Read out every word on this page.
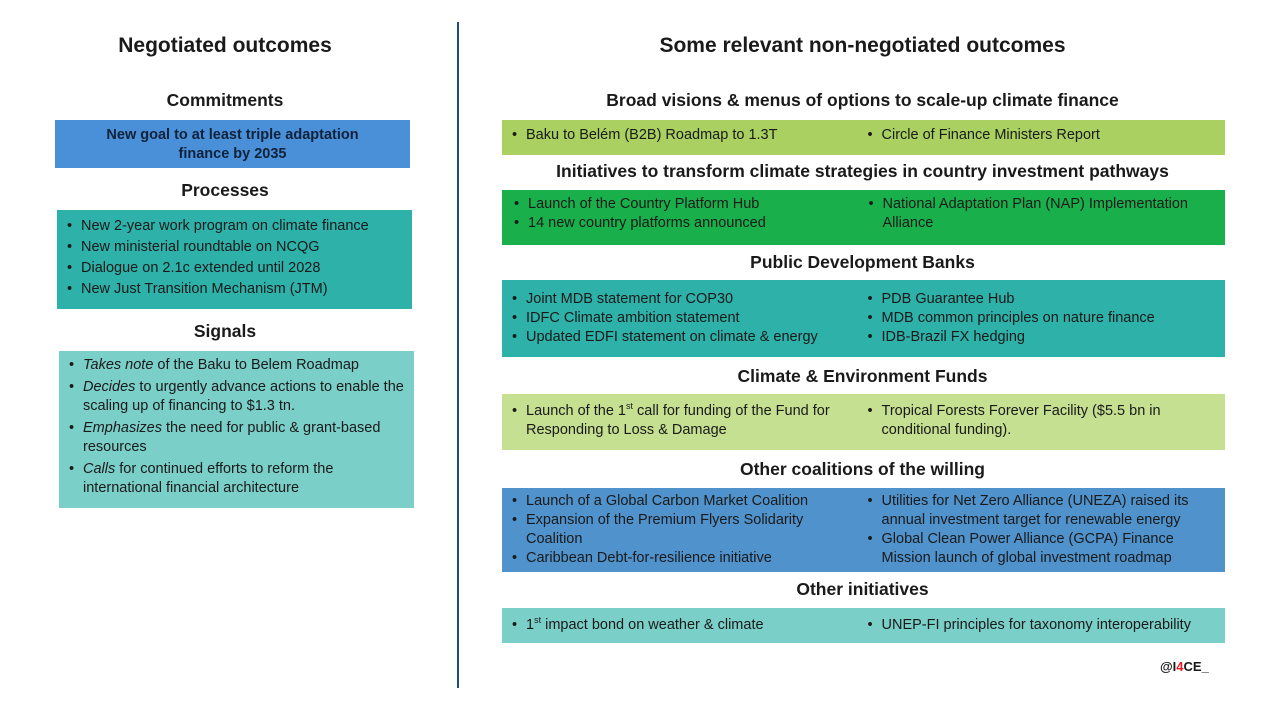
Negotiated outcomes
Commitments
New goal to at least triple adaptation finance by 2035
Processes
• New 2-year work program on climate finance
• New ministerial roundtable on NCQG
• Dialogue on 2.1c extended until 2028
• New Just Transition Mechanism (JTM)
Signals
• Takes note of the Baku to Belem Roadmap
• Decides to urgently advance actions to enable the scaling up of financing to $1.3 tn.
• Emphasizes the need for public & grant-based resources
• Calls for continued efforts to reform the international financial architecture
Some relevant non-negotiated outcomes
Broad visions & menus of options to scale-up climate finance
• Baku to Belém (B2B) Roadmap to 1.3T	• Circle of Finance Ministers Report
Initiatives to transform climate strategies in country investment pathways
• Launch of the Country Platform Hub
• 14 new country platforms announced
• National Adaptation Plan (NAP) Implementation Alliance
Public Development Banks
• Joint MDB statement for COP30
• IDFC Climate ambition statement
• Updated EDFI statement on climate & energy
• PDB Guarantee Hub
• MDB common principles on nature finance
• IDB-Brazil FX hedging
Climate & Environment Funds
• Launch of the 1st call for funding of the Fund for Responding to Loss & Damage
• Tropical Forests Forever Facility ($5.5 bn in conditional funding).
Other coalitions of the willing
• Launch of a Global Carbon Market Coalition
• Expansion of the Premium Flyers Solidarity Coalition
• Caribbean Debt-for-resilience initiative
• Utilities for Net Zero Alliance (UNEZA) raised its annual investment target for renewable energy
• Global Clean Power Alliance (GCPA) Finance Mission launch of global investment roadmap
Other initiatives
• 1st impact bond on weather & climate	• UNEP-FI principles for taxonomy interoperability
@I4CE_
